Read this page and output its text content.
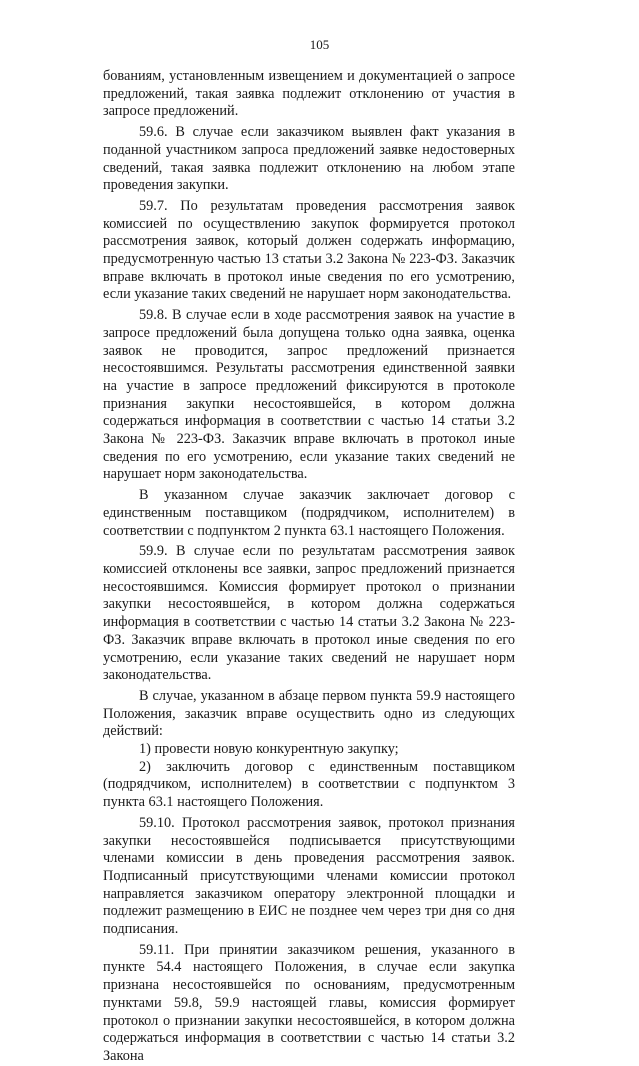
105

бованиям, установленным извещением и документацией о запросе предложений, такая заявка подлежит отклонению от участия в запросе предложений.

59.6. В случае если заказчиком выявлен факт указания в поданной участником запроса предложений заявке недостоверных сведений, такая заявка подлежит отклонению на любом этапе проведения закупки.

59.7. По результатам проведения рассмотрения заявок комиссией по осуществлению закупок формируется протокол рассмотрения заявок, который должен содержать информацию, предусмотренную частью 13 статьи 3.2 Закона № 223-ФЗ. Заказчик вправе включать в протокол иные сведения по его усмотрению, если указание таких сведений не нарушает норм законодательства.

59.8. В случае если в ходе рассмотрения заявок на участие в запросе предложений была допущена только одна заявка, оценка заявок не проводится, запрос предложений признается несостоявшимся. Результаты рассмотрения единственной заявки на участие в запросе предложений фиксируются в протоколе признания закупки несостоявшейся, в котором должна содержаться информация в соответствии с частью 14 статьи 3.2 Закона № 223-ФЗ. Заказчик вправе включать в протокол иные сведения по его усмотрению, если указание таких сведений не нарушает норм законодательства.

В указанном случае заказчик заключает договор с единственным поставщиком (подрядчиком, исполнителем) в соответствии с подпунктом 2 пункта 63.1 настоящего Положения.

59.9. В случае если по результатам рассмотрения заявок комиссией отклонены все заявки, запрос предложений признается несостоявшимся. Комиссия формирует протокол о признании закупки несостоявшейся, в котором должна содержаться информация в соответствии с частью 14 статьи 3.2 Закона № 223-ФЗ. Заказчик вправе включать в протокол иные сведения по его усмотрению, если указание таких сведений не нарушает норм законодательства.

В случае, указанном в абзаце первом пункта 59.9 настоящего Положения, заказчик вправе осуществить одно из следующих действий:

1) провести новую конкурентную закупку;

2) заключить договор с единственным поставщиком (подрядчиком, исполнителем) в соответствии с подпунктом 3 пункта 63.1 настоящего Положения.

59.10. Протокол рассмотрения заявок, протокол признания закупки несостоявшейся подписывается присутствующими членами комиссии в день проведения рассмотрения заявок. Подписанный присутствующими членами комиссии протокол направляется заказчиком оператору электронной площадки и подлежит размещению в ЕИС не позднее чем через три дня со дня подписания.

59.11. При принятии заказчиком решения, указанного в пункте 54.4 настоящего Положения, в случае если закупка признана несостоявшейся по основаниям, предусмотренным пунктами 59.8, 59.9 настоящей главы, комиссия формирует протокол о признании закупки несостоявшейся, в котором должна содержаться информация в соответствии с частью 14 статьи 3.2 Закона
